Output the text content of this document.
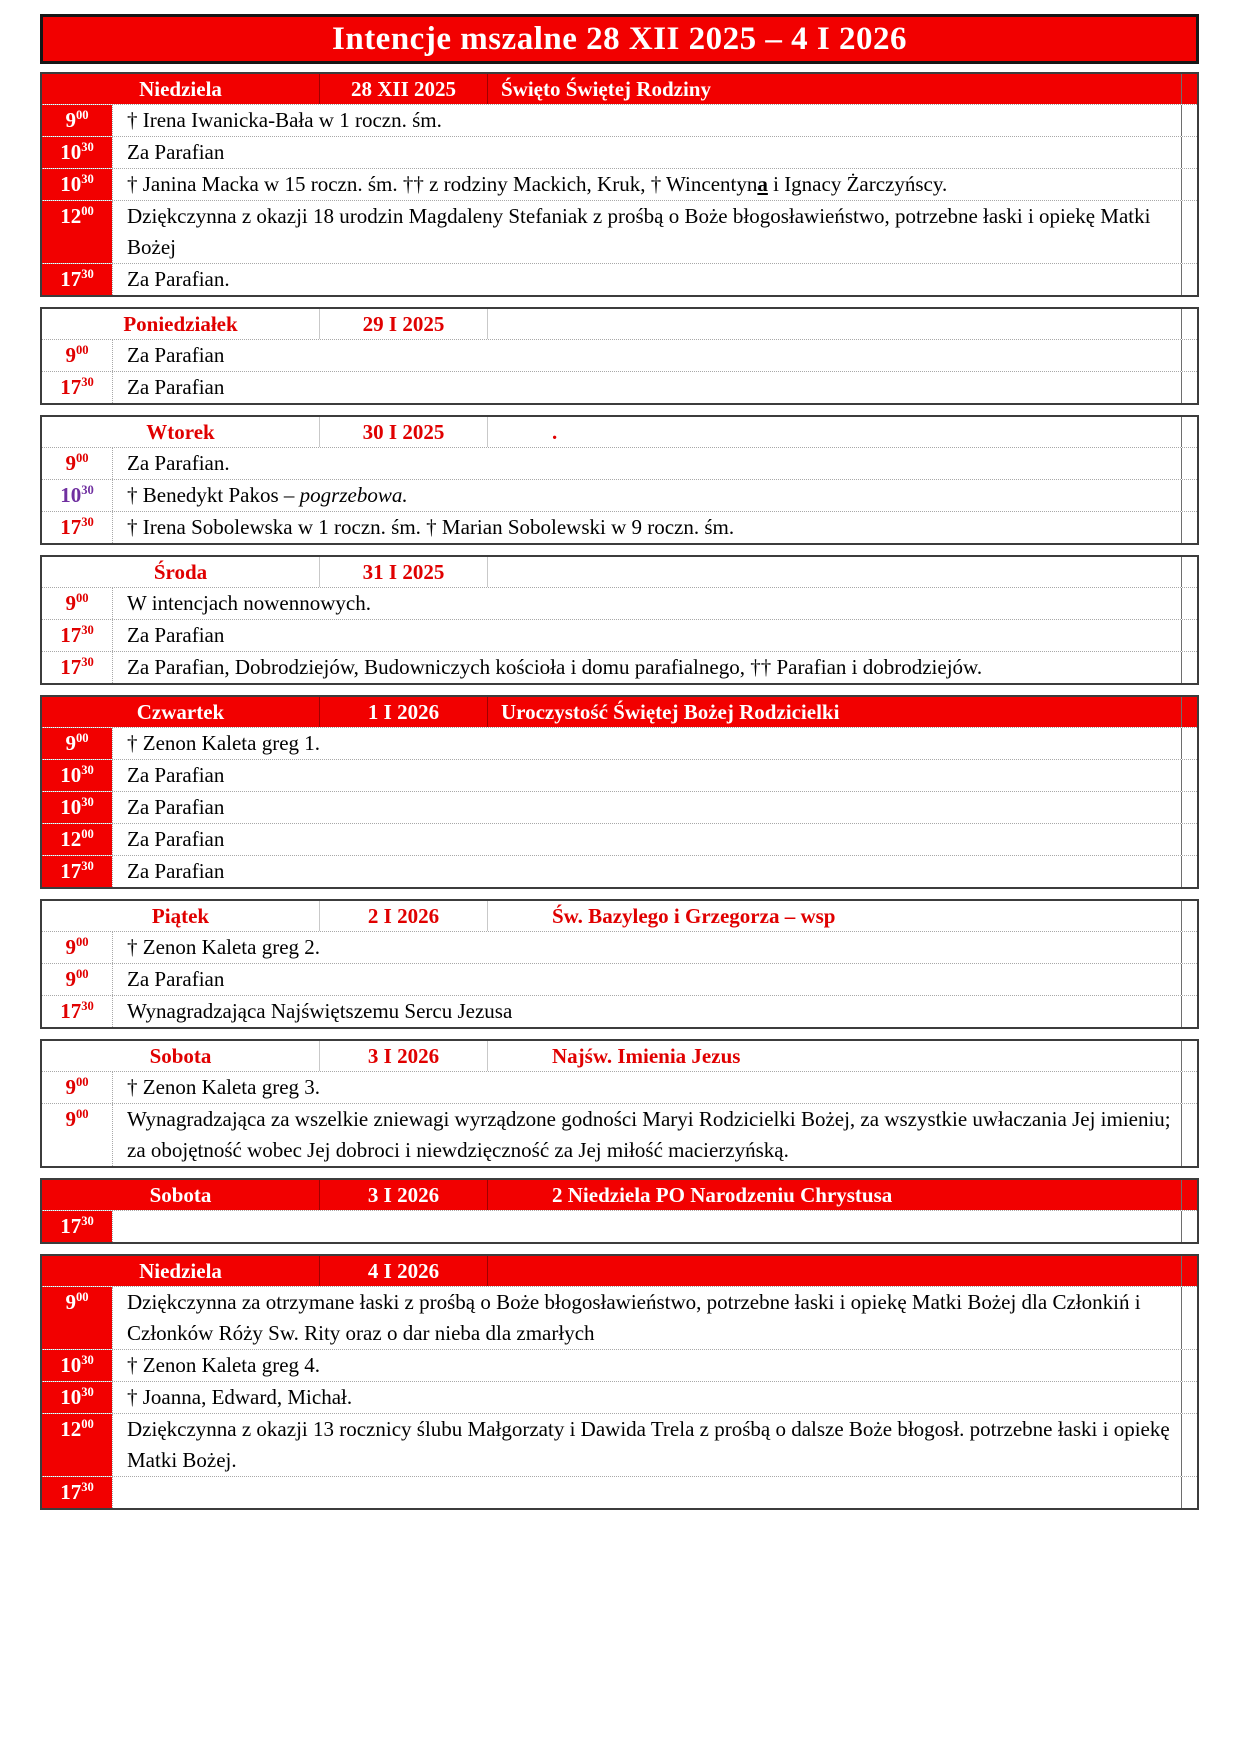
Intencje mszalne 28 XII 2025 – 4 I 2026
Niedziela	28 XII 2025	Święto Świętej Rodziny
$9^{00}$	† Irena Iwanicka-Bała w 1 roczn. śm.
$10^{30}$	Za Parafian
$10^{30}$	† Janina Macka w 15 roczn. śm. †† z rodziny Mackich, Kruk, † Wincentyna i Ignacy Żarczyńscy.
$12^{00}$	Dziękczynna z okazji 18 urodzin Magdaleny Stefaniak z prośbą o Boże błogosławieństwo, potrzebne łaski i opiekę Matki Bożej
$17^{30}$	Za Parafian.
Poniedziałek	29 I 2025
$9^{00}$	Za Parafian
$17^{30}$	Za Parafian
Wtorek	30 I 2025	.
$9^{00}$	Za Parafian.
$10^{30}$	† Benedykt Pakos – pogrzebowa.
$17^{30}$	† Irena Sobolewska w 1 roczn. śm. † Marian Sobolewski w 9 roczn. śm.
Środa	31 I 2025
$9^{00}$	W intencjach nowennowych.
$17^{30}$	Za Parafian
$17^{30}$	Za Parafian, Dobrodziejów, Budowniczych kościoła i domu parafialnego, †† Parafian i dobrodziejów.
Czwartek	1 I 2026	Uroczystość Świętej Bożej Rodzicielki
$9^{00}$	† Zenon Kaleta greg 1.
$10^{30}$	Za Parafian
$10^{30}$	Za Parafian
$12^{00}$	Za Parafian
$17^{30}$	Za Parafian
Piątek	2 I 2026	Św. Bazylego i Grzegorza – wsp
$9^{00}$	† Zenon Kaleta greg 2.
$9^{00}$	Za Parafian
$17^{30}$	Wynagradzająca Najświętszemu Sercu Jezusa
Sobota	3 I 2026	Najśw. Imienia Jezus
$9^{00}$	† Zenon Kaleta greg 3.
$9^{00}$	Wynagradzająca za wszelkie zniewagi wyrządzone godności Maryi Rodzicielki Bożej, za wszystkie uwłaczania Jej imieniu; za obojętność wobec Jej dobroci i niewdzięczność za Jej miłość macierzyńską.
Sobota	3 I 2026	2 Niedziela PO Narodzeniu Chrystusa
$17^{30}$
Niedziela	4 I 2026
$9^{00}$	Dziękczynna za otrzymane łaski z prośbą o Boże błogosławieństwo, potrzebne łaski i opiekę Matki Bożej dla Członkiń i Członków Róży Sw. Rity oraz o dar nieba dla zmarłych
$10^{30}$	† Zenon Kaleta greg 4.
$10^{30}$	† Joanna, Edward, Michał.
$12^{00}$	Dziękczynna z okazji 13 rocznicy ślubu Małgorzaty i Dawida Trela z prośbą o dalsze Boże błogosł. potrzebne łaski i opiekę Matki Bożej.
$17^{30}$
